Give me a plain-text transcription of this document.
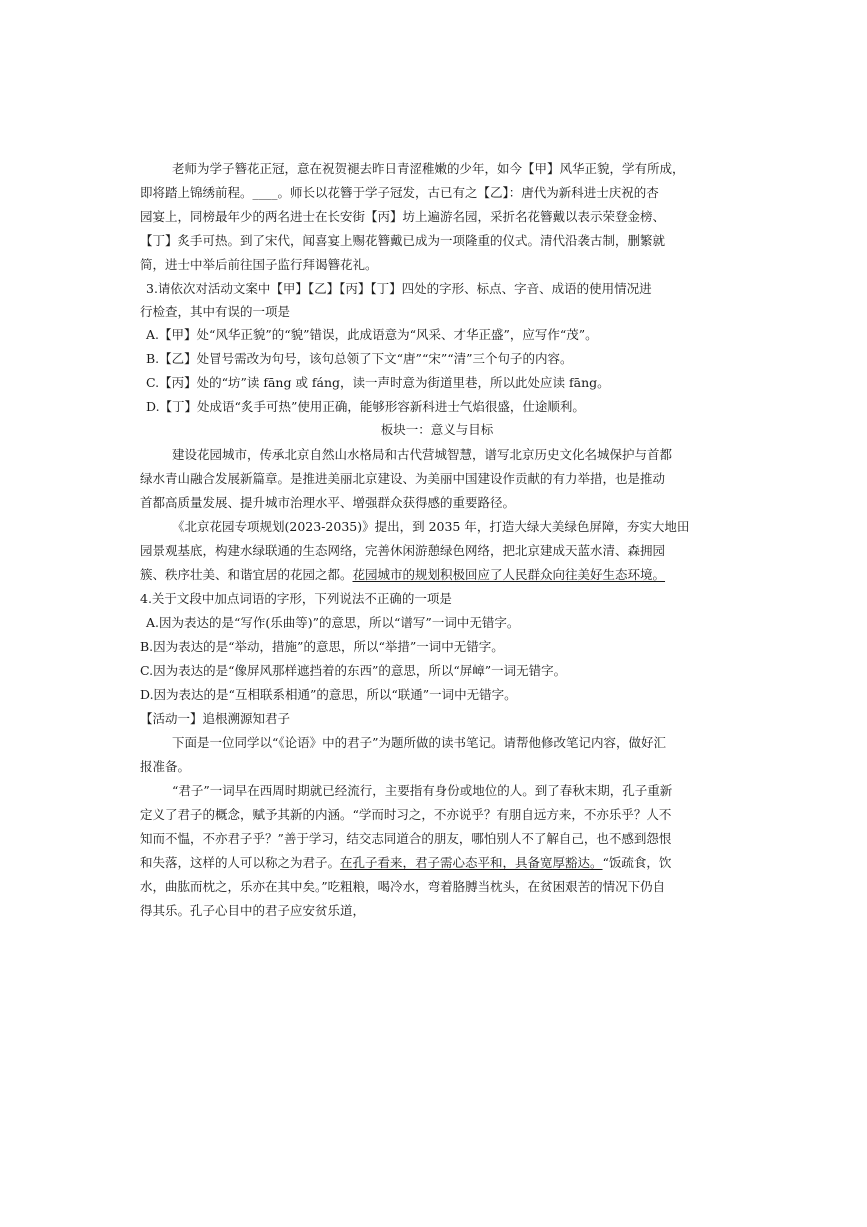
老师为学子簪花正冠，意在祝贺褪去昨日青涩稚嫩的少年，如今【甲】风华正貌，学有所成，
即将踏上锦绣前程。____。师长以花簪于学子冠发，古已有之【乙】：唐代为新科进士庆祝的杏
园宴上，同榜最年少的两名进士在长安街【丙】坊上遍游名园，采折名花簪戴以表示荣登金榜、
【丁】炙手可热。到了宋代，闻喜宴上赐花簪戴已成为一项隆重的仪式。清代沿袭古制，删繁就
简，进士中举后前往国子监行拜谒簪花礼。
3.请依次对活动文案中【甲】【乙】【丙】【丁】四处的字形、标点、字音、成语的使用情况进
行检查，其中有误的一项是
A.【甲】处“风华正貌”的“貌”错误，此成语意为“风采、才华正盛”，应写作“茂”。
B.【乙】处冒号需改为句号，该句总领了下文“唐”“宋”“清”三个句子的内容。
C.【丙】处的“坊”读 fāng 或 fáng，读一声时意为街道里巷，所以此处应读 fāng。
D.【丁】处成语“炙手可热”使用正确，能够形容新科进士气焰很盛，仕途顺利。
板块一：意义与目标
建设花园城市，传承北京自然山水格局和古代营城智慧，谱写北京历史文化名城保护与首都
绿水青山融合发展新篇章。是推进美丽北京建设、为美丽中国建设作贡献的有力举措，也是推动
首都高质量发展、提升城市治理水平、增强群众获得感的重要路径。
《北京花园专项规划(2023-2035)》提出，到 2035 年，打造大绿大美绿色屏障，夯实大地田
园景观基底，构建水绿联通的生态网络，完善休闲游憩绿色网络，把北京建成天蓝水清、森拥园
簇、秩序壮美、和谐宜居的花园之都。花园城市的规划积极回应了人民群众向往美好生态环境。
4.关于文段中加点词语的字形，下列说法不正确的一项是
A.因为表达的是“写作(乐曲等)”的意思，所以“谱写”一词中无错字。
B.因为表达的是“举动，措施”的意思，所以“举措”一词中无错字。
C.因为表达的是“像屏风那样遮挡着的东西”的意思，所以“屏嶂”一词无错字。
D.因为表达的是“互相联系相通”的意思，所以“联通”一词中无错字。
【活动一】追根溯源知君子
下面是一位同学以“《论语》中的君子”为题所做的读书笔记。请帮他修改笔记内容，做好汇
报准备。
“君子”一词早在西周时期就已经流行，主要指有身份或地位的人。到了春秋末期，孔子重新
定义了君子的概念，赋予其新的内涵。“学而时习之，不亦说乎？有朋自远方来，不亦乐乎？人不
知而不愠，不亦君子乎？”善于学习，结交志同道合的朋友，哪怕别人不了解自己，也不感到怨恨
和失落，这样的人可以称之为君子。在孔子看来，君子需心态平和，具备宽厚豁达。“饭疏食，饮
水，曲肱而枕之，乐亦在其中矣。”吃粗粮，喝冷水，弯着胳膊当枕头，在贫困艰苦的情况下仍自
得其乐。孔子心目中的君子应安贫乐道，
